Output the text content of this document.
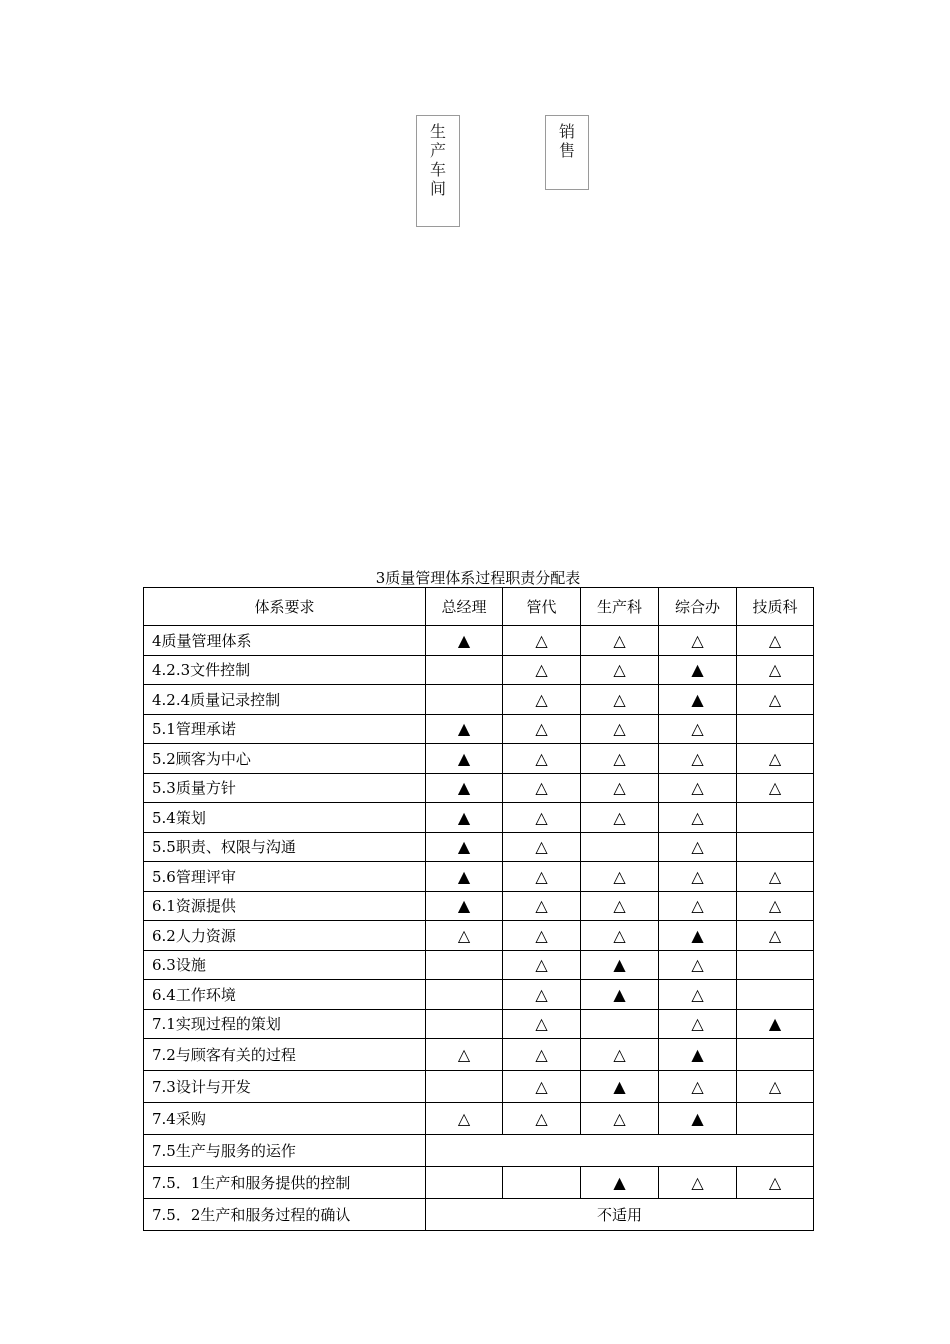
生
产
车
间
销
售
3质量管理体系过程职责分配表
体系要求	总经理	管代	生产科	综合办	技质科
4质量管理体系	▲	△	△	△	△
4.2.3文件控制		△	△	▲	△
4.2.4质量记录控制		△	△	▲	△
5.1管理承诺	▲	△	△	△	
5.2顾客为中心	▲	△	△	△	△
5.3质量方针	▲	△	△	△	△
5.4策划	▲	△	△	△	
5.5职责、权限与沟通	▲	△		△	
5.6管理评审	▲	△	△	△	△
6.1资源提供	▲	△	△	△	△
6.2人力资源	△	△	△	▲	△
6.3设施		△	▲	△	
6.4工作环境		△	▲	△	
7.1实现过程的策划		△		△	▲
7.2与顾客有关的过程	△	△	△	▲	
7.3设计与开发		△	▲	△	△
7.4采购	△	△	△	▲	
7.5生产与服务的运作					
7.5．1生产和服务提供的控制			▲	△	△
7.5．2生产和服务过程的确认	不适用				
